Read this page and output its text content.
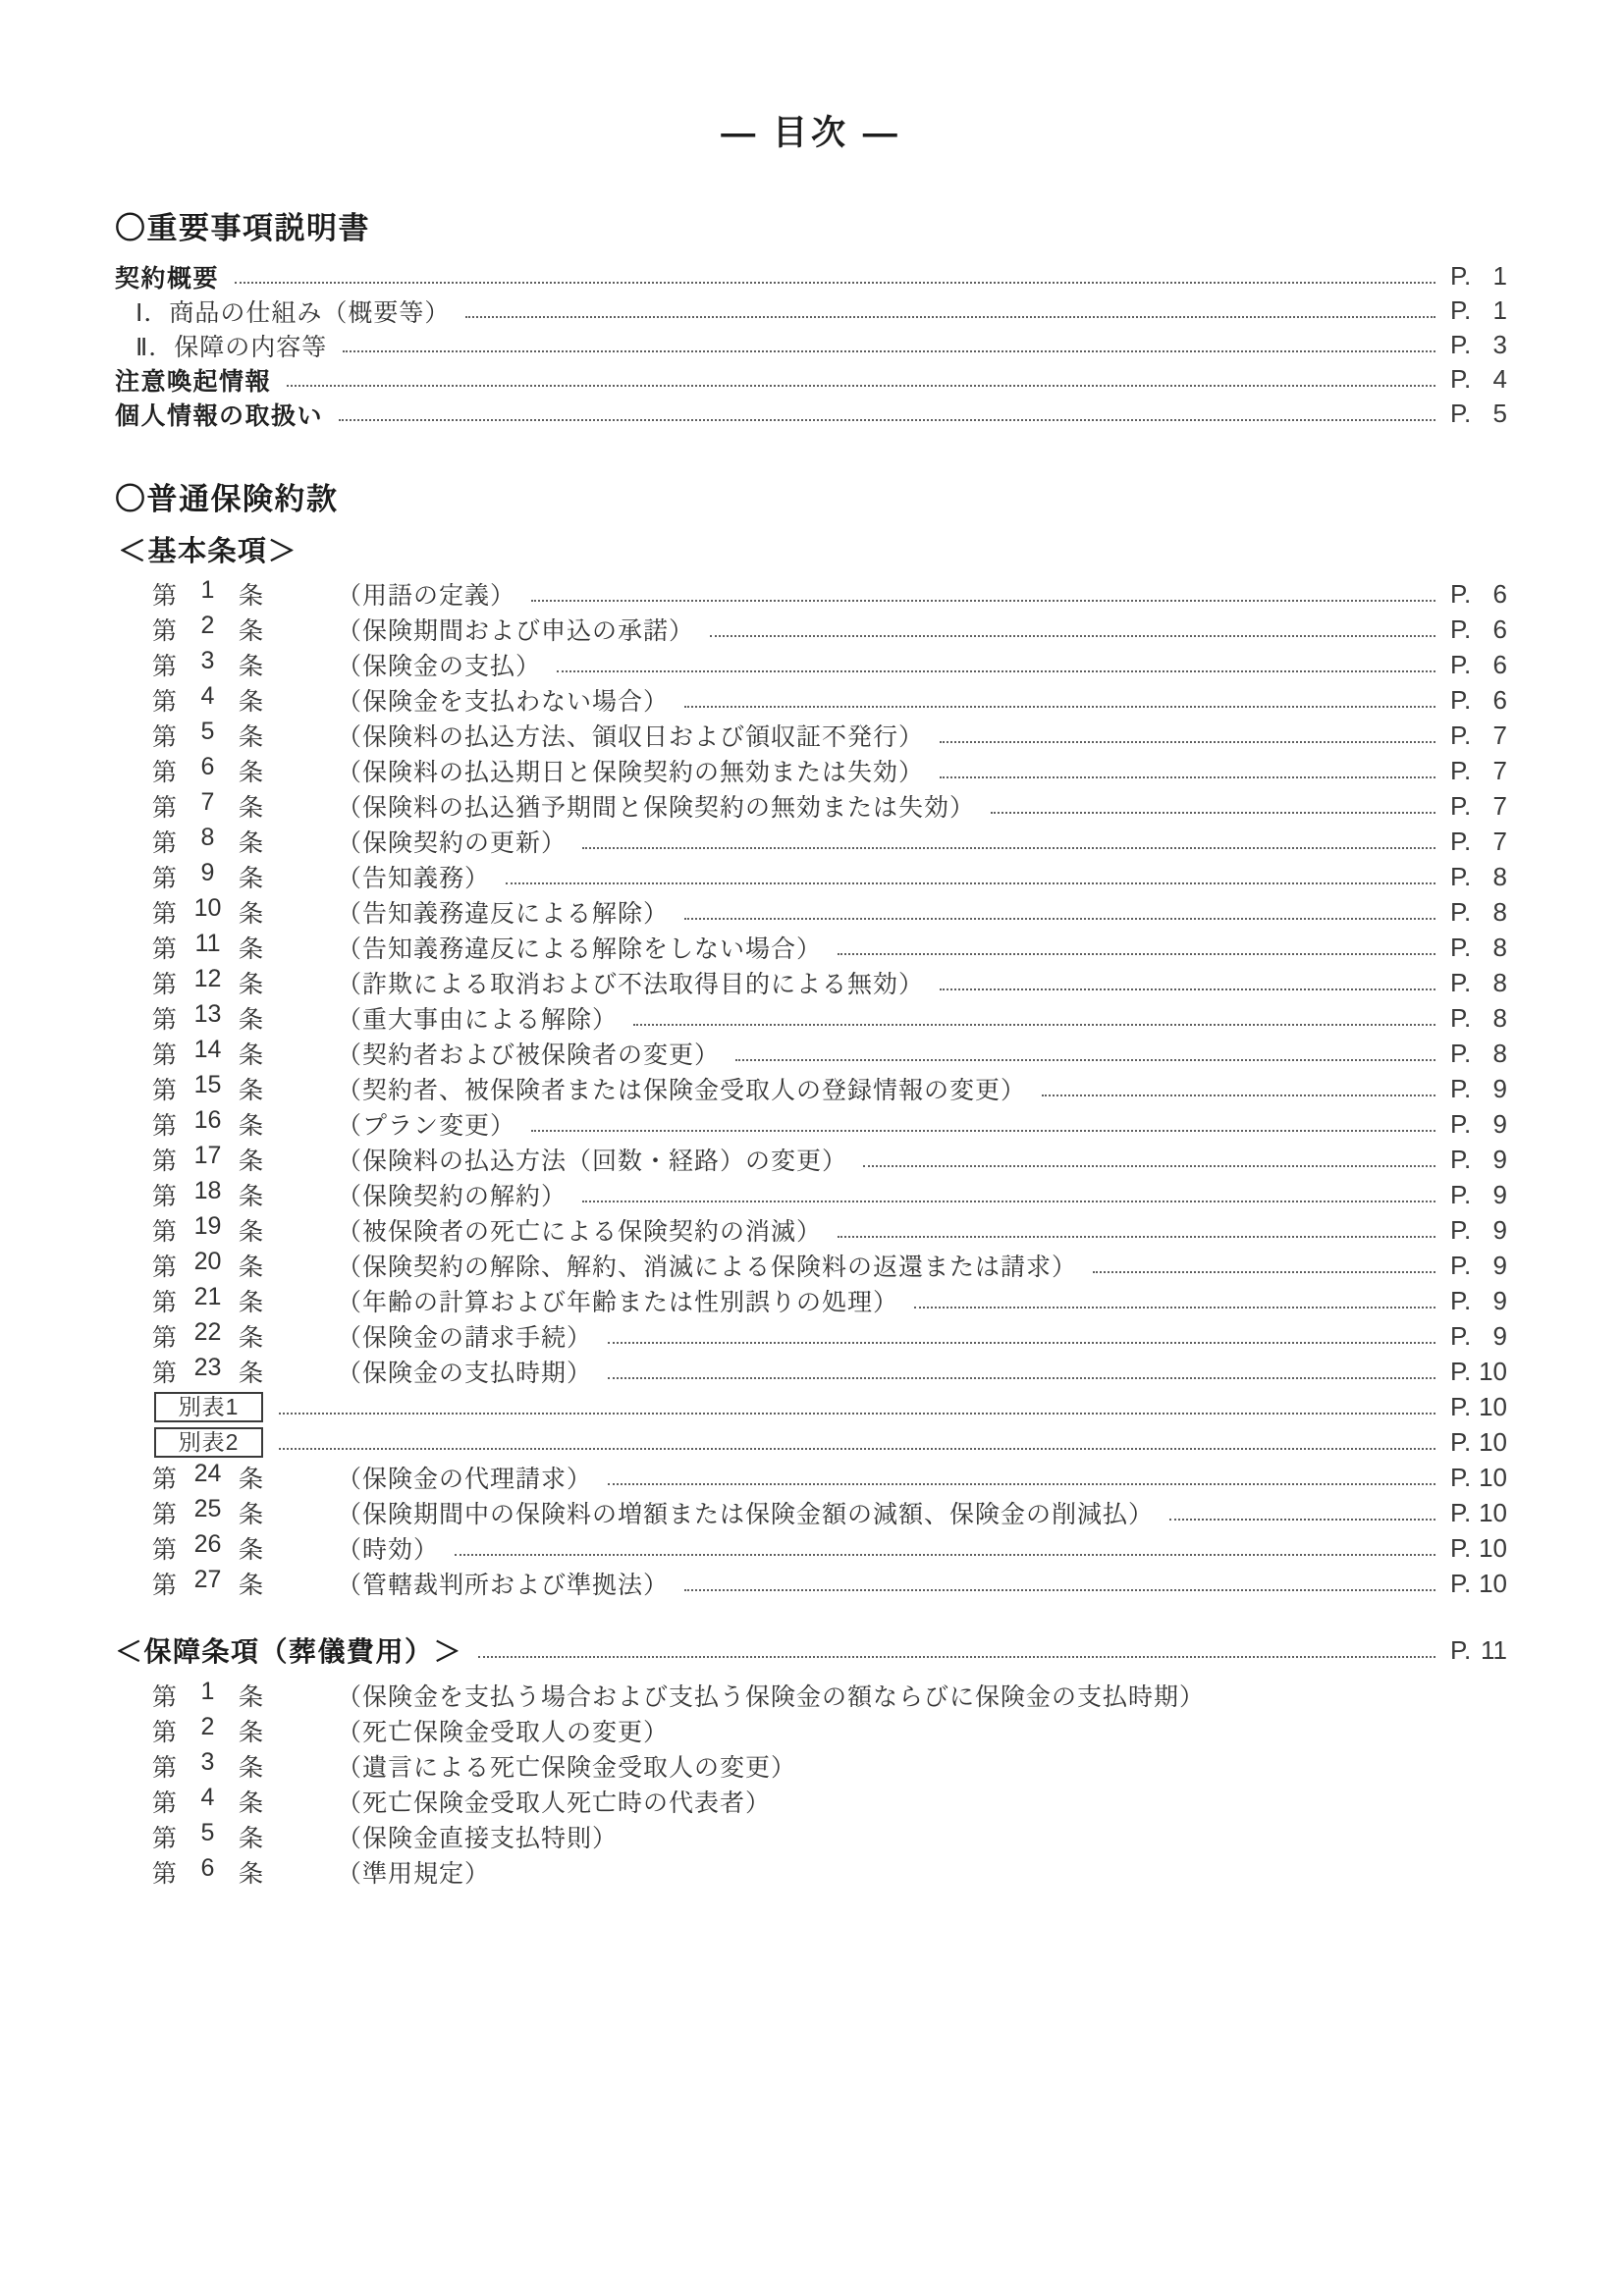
― 目次 ―
〇重要事項説明書
契約概要	P. 1
Ⅰ．商品の仕組み（概要等）	P. 1
Ⅱ．保障の内容等	P. 3
注意喚起情報	P. 4
個人情報の取扱い	P. 5
〇普通保険約款
＜基本条項＞
第 1 条	（用語の定義）	P. 6
第 2 条	（保険期間および申込の承諾）	P. 6
第 3 条	（保険金の支払）	P. 6
第 4 条	（保険金を支払わない場合）	P. 6
第 5 条	（保険料の払込方法、領収日および領収証不発行）	P. 7
第 6 条	（保険料の払込期日と保険契約の無効または失効）	P. 7
第 7 条	（保険料の払込猶予期間と保険契約の無効または失効）	P. 7
第 8 条	（保険契約の更新）	P. 7
第 9 条	（告知義務）	P. 8
第 10 条	（告知義務違反による解除）	P. 8
第 11 条	（告知義務違反による解除をしない場合）	P. 8
第 12 条	（詐欺による取消および不法取得目的による無効）	P. 8
第 13 条	（重大事由による解除）	P. 8
第 14 条	（契約者および被保険者の変更）	P. 8
第 15 条	（契約者、被保険者または保険金受取人の登録情報の変更）	P. 9
第 16 条	（プラン変更）	P. 9
第 17 条	（保険料の払込方法（回数・経路）の変更）	P. 9
第 18 条	（保険契約の解約）	P. 9
第 19 条	（被保険者の死亡による保険契約の消滅）	P. 9
第 20 条	（保険契約の解除、解約、消滅による保険料の返還または請求）	P. 9
第 21 条	（年齢の計算および年齢または性別誤りの処理）	P. 9
第 22 条	（保険金の請求手続）	P. 9
第 23 条	（保険金の支払時期）	P. 10
別表1	P. 10
別表2	P. 10
第 24 条	（保険金の代理請求）	P. 10
第 25 条	（保険期間中の保険料の増額または保険金額の減額、保険金の削減払）	P. 10
第 26 条	（時効）	P. 10
第 27 条	（管轄裁判所および準拠法）	P. 10
＜保障条項（葬儀費用）＞	P. 11
第 1 条	（保険金を支払う場合および支払う保険金の額ならびに保険金の支払時期）
第 2 条	（死亡保険金受取人の変更）
第 3 条	（遺言による死亡保険金受取人の変更）
第 4 条	（死亡保険金受取人死亡時の代表者）
第 5 条	（保険金直接支払特則）
第 6 条	（準用規定）
